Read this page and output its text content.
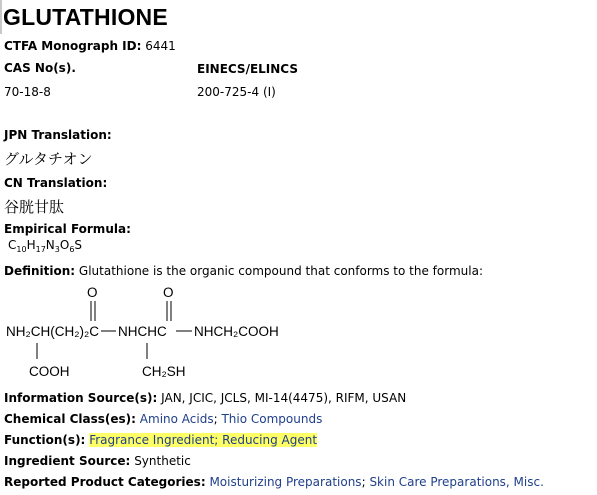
GLUTATHIONE
CTFA Monograph ID: 6441
CAS No(s).	EINECS/ELINCS
70-18-8	200-725-4 (I)
JPN Translation:
グルタチオン
CN Translation:
谷胱甘肽
Empirical Formula:
$C_{10}H_{17}N_3O_6S$
Definition: Glutathione is the organic compound that conforms to the formula:
O	O
NH₂CH(CH₂)₂C NHCHC NHCH₂COOH
COOH	CH₂SH
Information Source(s): JAN, JCIC, JCLS, MI-14(4475), RIFM, USAN
Chemical Class(es): Amino Acids; Thio Compounds
Function(s): Fragrance Ingredient; Reducing Agent
Ingredient Source: Synthetic
Reported Product Categories: Moisturizing Preparations; Skin Care Preparations, Misc.
